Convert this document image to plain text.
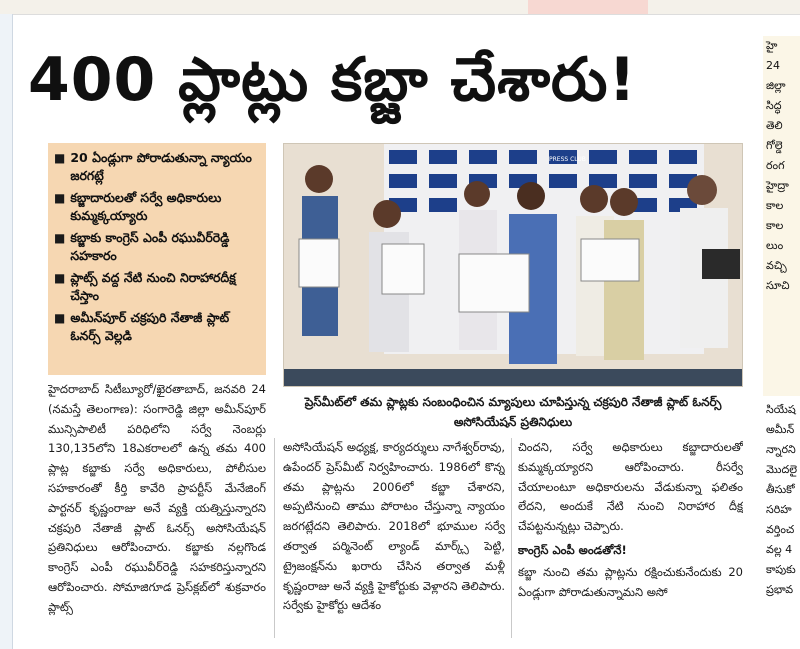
400 ప్లాట్లు కబ్జా చేశారు!
■ 20 ఏండ్లుగా పోరాడుతున్నా న్యాయం జరగట్లే
■ కబ్జాదారులతో సర్వే అధికారులు కుమ్మక్కయ్యారు
■ కబ్జాకు కాంగ్రెస్ ఎంపీ రఘువీర్‌రెడ్డి సహకారం
■ ప్లాట్స్ వద్ద నేటి నుంచి నిరాహారదీక్ష చేస్తాం
■ అమీన్‌పూర్ చక్రపురి నేతాజీ ప్లాట్ ఓనర్స్ వెల్లడి
PRESS CLUB
ప్రెస్‌మీట్‌లో తమ ప్లాట్లకు సంబంధించిన మ్యాపులు చూపిస్తున్న చక్రపురి నేతాజీ ప్లాట్ ఓనర్స్ అసోసియేషన్ ప్రతినిధులు
హైదరాబాద్ సిటీబ్యూరో/ఖైరతాబాద్, జనవరి 24 (నమస్తే తెలంగాణ): సంగారెడ్డి జిల్లా అమీన్‌పూర్ మున్సిపాలిటీ పరిధిలోని సర్వే నెంబర్లు 130,135లోని 18ఎకరాలలో ఉన్న తమ 400 ప్లాట్ల కబ్జాకు సర్వే అధికారులు, పోలీసుల సహకారంతో కీర్తి కావేరి ప్రాపర్టీస్ మేనేజింగ్ పార్టనర్ కృష్ణంరాజు అనే వ్యక్తి యత్నిస్తున్నారని చక్రపురి నేతాజీ ప్లాట్ ఓనర్స్ అసోసియేషన్ ప్రతినిధులు ఆరోపించారు. కబ్జాకు నల్లగొండ కాంగ్రెస్ ఎంపీ రఘువీర్‌రెడ్డి సహకరిస్తున్నారని ఆరోపించారు. సోమాజిగూడ ప్రెస్‌క్లబ్‌లో శుక్రవారం ప్లాట్స్
అసోసియేషన్ అధ్యక్ష, కార్యదర్శులు నాగేశ్వర్‌రావు, ఉపేందర్ ప్రెస్‌మీట్ నిర్వహించారు. 1986లో కొన్న తమ ప్లాట్లను 2006లో కబ్జా చేశారని, అప్పటినుంచి తాము పోరాటం చేస్తున్నా న్యాయం జరగట్లేదని తెలిపారు. 2018లో భూముల సర్వే తర్వాత పర్మినెంట్ ల్యాండ్ మార్క్స్ పెట్టి, ట్రైజంక్షన్‌ను ఖరారు చేసిన తర్వాత మళ్లీ కృష్ణంరాజు అనే వ్యక్తి హైకోర్టుకు వెళ్లారని తెలిపారు. సర్వేకు హైకోర్టు ఆదేశం
చిందని, సర్వే అధికారులు కబ్జాదారులతో కుమ్మక్కయ్యారని ఆరోపించారు. రీసర్వే చేయాలంటూ అధికారులను వేడుకున్నా ఫలితం లేదని, అందుకే నేటి నుంచి నిరాహార దీక్ష చేపట్టనున్నట్లు చెప్పారు.
కాంగ్రెస్ ఎంపీ అండతోనే!
కబ్జా నుంచి తమ ప్లాట్లను రక్షించుకునేందుకు 20 ఏండ్లుగా పోరాడుతున్నామని అసో
హై
24
జిల్లా
సిద్ధ
తెలి
గోల్డె
రంగ
హైద్రా
కాల
కాల
లుం
వచ్చి
సూచి
సియేష
అమీన్
న్నారని
మొదలై
తీసుకో
సరిహ
వర్తించ
వల్ల 4
కాపుకు
ప్రభావ
